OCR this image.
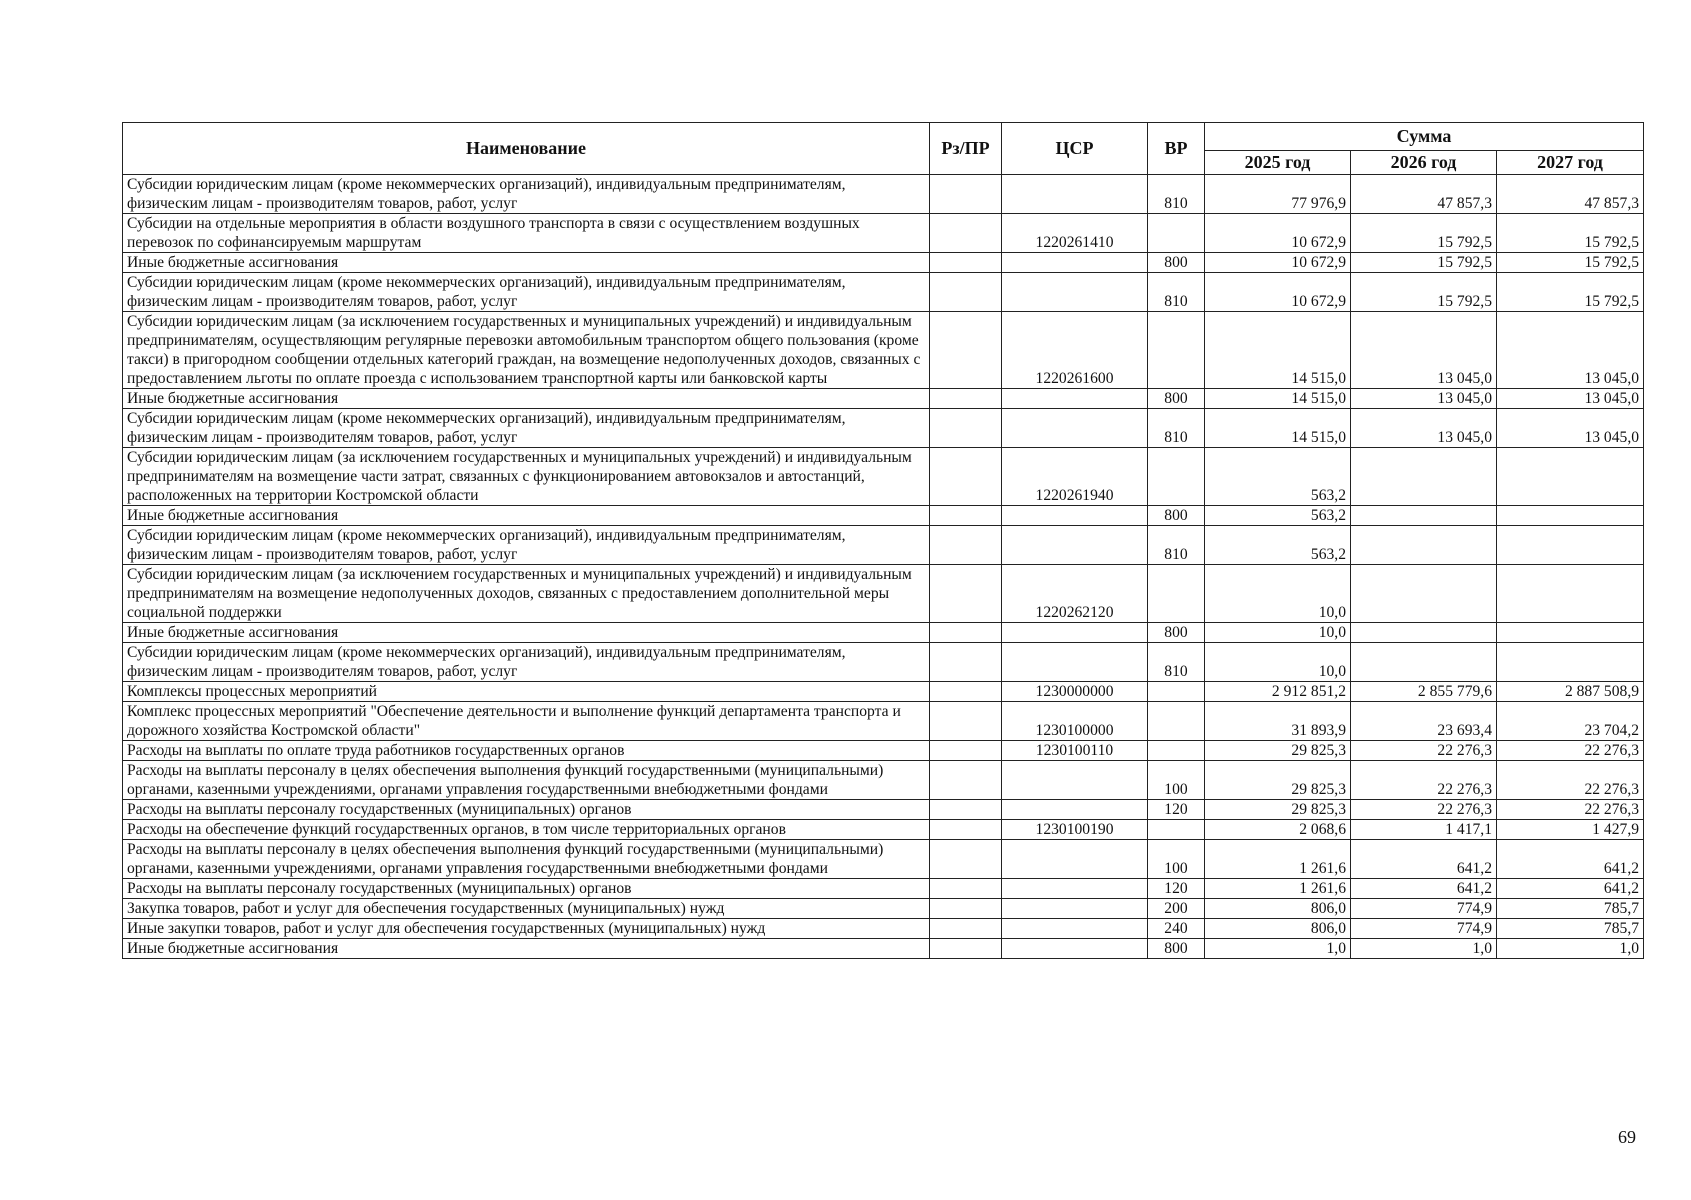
Наименование	Рз/ПР	ЦСР	ВР	Сумма		
				2025 год	2026 год	2027 год
Субсидии юридическим лицам (кроме некоммерческих организаций), индивидуальным предпринимателям, физическим лицам - производителям товаров, работ, услуг			810	77 976,9	47 857,3	47 857,3
Субсидии на отдельные мероприятия в области воздушного транспорта в связи с осуществлением воздушных перевозок по софинансируемым маршрутам		1220261410		10 672,9	15 792,5	15 792,5
Иные бюджетные ассигнования			800	10 672,9	15 792,5	15 792,5
Субсидии юридическим лицам (кроме некоммерческих организаций), индивидуальным предпринимателям, физическим лицам - производителям товаров, работ, услуг			810	10 672,9	15 792,5	15 792,5
Субсидии юридическим лицам (за исключением государственных и муниципальных учреждений) и индивидуальным предпринимателям, осуществляющим регулярные перевозки автомобильным транспортом общего пользования (кроме такси) в пригородном сообщении отдельных категорий граждан, на возмещение недополученных доходов, связанных с предоставлением льготы по оплате проезда с использованием транспортной карты или банковской карты		1220261600		14 515,0	13 045,0	13 045,0
Иные бюджетные ассигнования			800	14 515,0	13 045,0	13 045,0
Субсидии юридическим лицам (кроме некоммерческих организаций), индивидуальным предпринимателям, физическим лицам - производителям товаров, работ, услуг			810	14 515,0	13 045,0	13 045,0
Субсидии юридическим лицам (за исключением государственных и муниципальных учреждений) и индивидуальным предпринимателям на возмещение части затрат, связанных с функционированием автовокзалов и автостанций, расположенных на территории Костромской области		1220261940		563,2		
Иные бюджетные ассигнования			800	563,2		
Субсидии юридическим лицам (кроме некоммерческих организаций), индивидуальным предпринимателям, физическим лицам - производителям товаров, работ, услуг			810	563,2		
Субсидии юридическим лицам (за исключением государственных и муниципальных учреждений) и индивидуальным предпринимателям на возмещение недополученных доходов, связанных с предоставлением дополнительной меры социальной поддержки		1220262120		10,0		
Иные бюджетные ассигнования			800	10,0		
Субсидии юридическим лицам (кроме некоммерческих организаций), индивидуальным предпринимателям, физическим лицам - производителям товаров, работ, услуг			810	10,0		
Комплексы процессных мероприятий		1230000000		2 912 851,2	2 855 779,6	2 887 508,9
Комплекс процессных мероприятий "Обеспечение деятельности и выполнение функций департамента транспорта и дорожного хозяйства Костромской области"		1230100000		31 893,9	23 693,4	23 704,2
Расходы на выплаты по оплате труда работников государственных органов		1230100110		29 825,3	22 276,3	22 276,3
Расходы на выплаты персоналу в целях обеспечения выполнения функций государственными (муниципальными) органами, казенными учреждениями, органами управления государственными внебюджетными фондами			100	29 825,3	22 276,3	22 276,3
Расходы на выплаты персоналу государственных (муниципальных) органов			120	29 825,3	22 276,3	22 276,3
Расходы на обеспечение функций государственных органов, в том числе территориальных органов		1230100190		2 068,6	1 417,1	1 427,9
Расходы на выплаты персоналу в целях обеспечения выполнения функций государственными (муниципальными) органами, казенными учреждениями, органами управления государственными внебюджетными фондами			100	1 261,6	641,2	641,2
Расходы на выплаты персоналу государственных (муниципальных) органов			120	1 261,6	641,2	641,2
Закупка товаров, работ и услуг для обеспечения государственных (муниципальных) нужд			200	806,0	774,9	785,7
Иные закупки товаров, работ и услуг для обеспечения государственных (муниципальных) нужд			240	806,0	774,9	785,7
Иные бюджетные ассигнования			800	1,0	1,0	1,0
69
